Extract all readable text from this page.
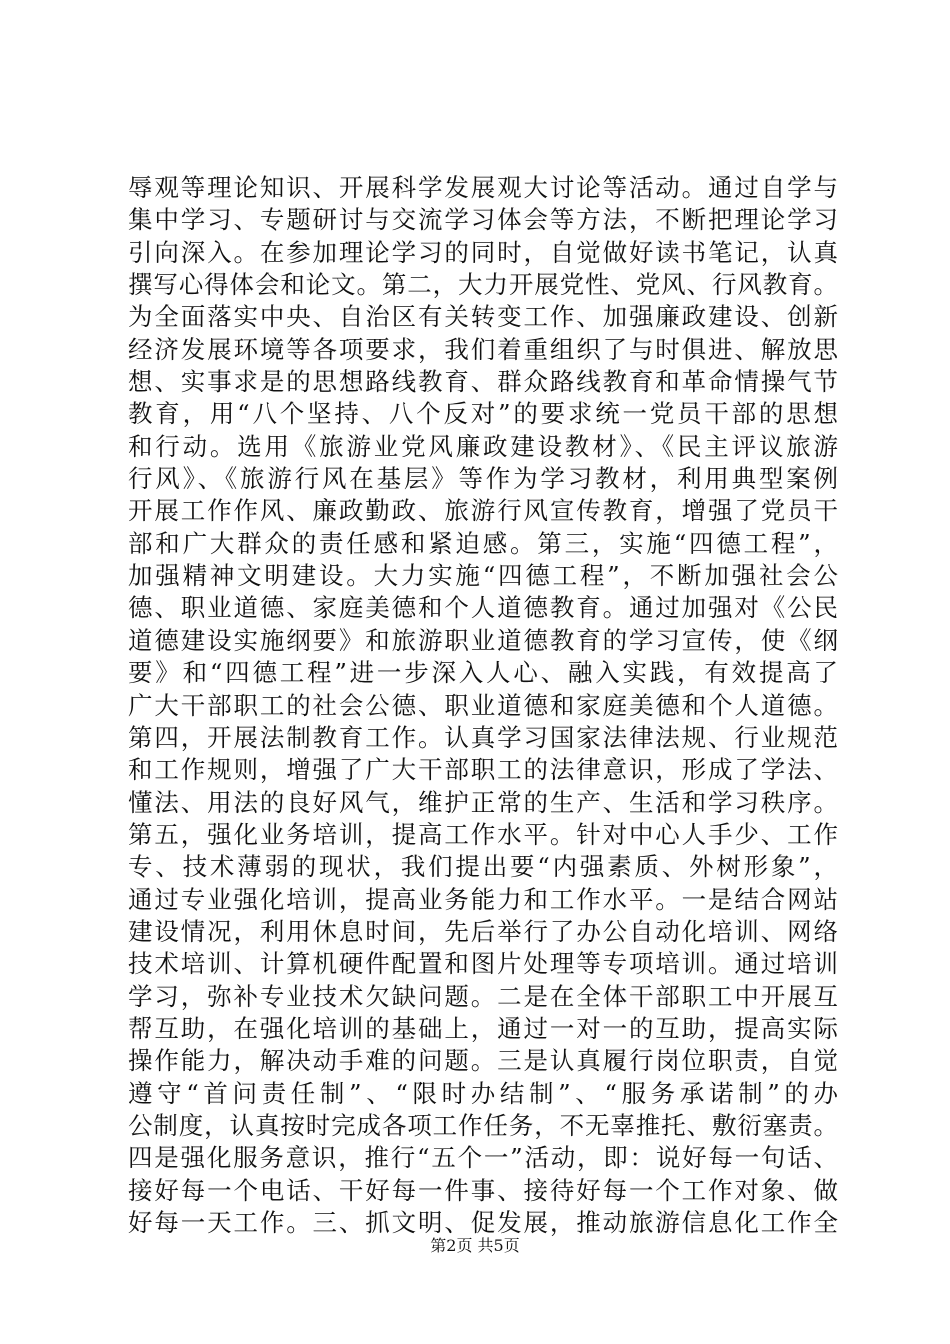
辱观等理论知识、开展科学发展观大讨论等活动。通过自学与
集中学习、专题研讨与交流学习体会等方法，不断把理论学习
引向深入。在参加理论学习的同时，自觉做好读书笔记，认真
撰写心得体会和论文。第二，大力开展党性、党风、行风教育。
为全面落实中央、自治区有关转变工作、加强廉政建设、创新
经济发展环境等各项要求，我们着重组织了与时俱进、解放思
想、实事求是的思想路线教育、群众路线教育和革命情操气节
教育，用“八个坚持、八个反对”的要求统一党员干部的思想
和行动。选用《旅游业党风廉政建设教材》、《民主评议旅游
行风》、《旅游行风在基层》等作为学习教材，利用典型案例
开展工作作风、廉政勤政、旅游行风宣传教育，增强了党员干
部和广大群众的责任感和紧迫感。第三，实施“四德工程”，
加强精神文明建设。大力实施“四德工程”，不断加强社会公
德、职业道德、家庭美德和个人道德教育。通过加强对《公民
道德建设实施纲要》和旅游职业道德教育的学习宣传，使《纲
要》和“四德工程”进一步深入人心、融入实践，有效提高了
广大干部职工的社会公德、职业道德和家庭美德和个人道德。
第四，开展法制教育工作。认真学习国家法律法规、行业规范
和工作规则，增强了广大干部职工的法律意识，形成了学法、
懂法、用法的良好风气，维护正常的生产、生活和学习秩序。
第五，强化业务培训，提高工作水平。针对中心人手少、工作
专、技术薄弱的现状，我们提出要“内强素质、外树形象”，
通过专业强化培训，提高业务能力和工作水平。一是结合网站
建设情况，利用休息时间，先后举行了办公自动化培训、网络
技术培训、计算机硬件配置和图片处理等专项培训。通过培训
学习，弥补专业技术欠缺问题。二是在全体干部职工中开展互
帮互助，在强化培训的基础上，通过一对一的互助，提高实际
操作能力，解决动手难的问题。三是认真履行岗位职责，自觉
遵守“首问责任制”、“限时办结制”、“服务承诺制”的办
公制度，认真按时完成各项工作任务，不无辜推托、敷衍塞责。
四是强化服务意识，推行“五个一”活动，即：说好每一句话、
接好每一个电话、干好每一件事、接待好每一个工作对象、做
好每一天工作。三、抓文明、促发展，推动旅游信息化工作全
第2页 共5页
